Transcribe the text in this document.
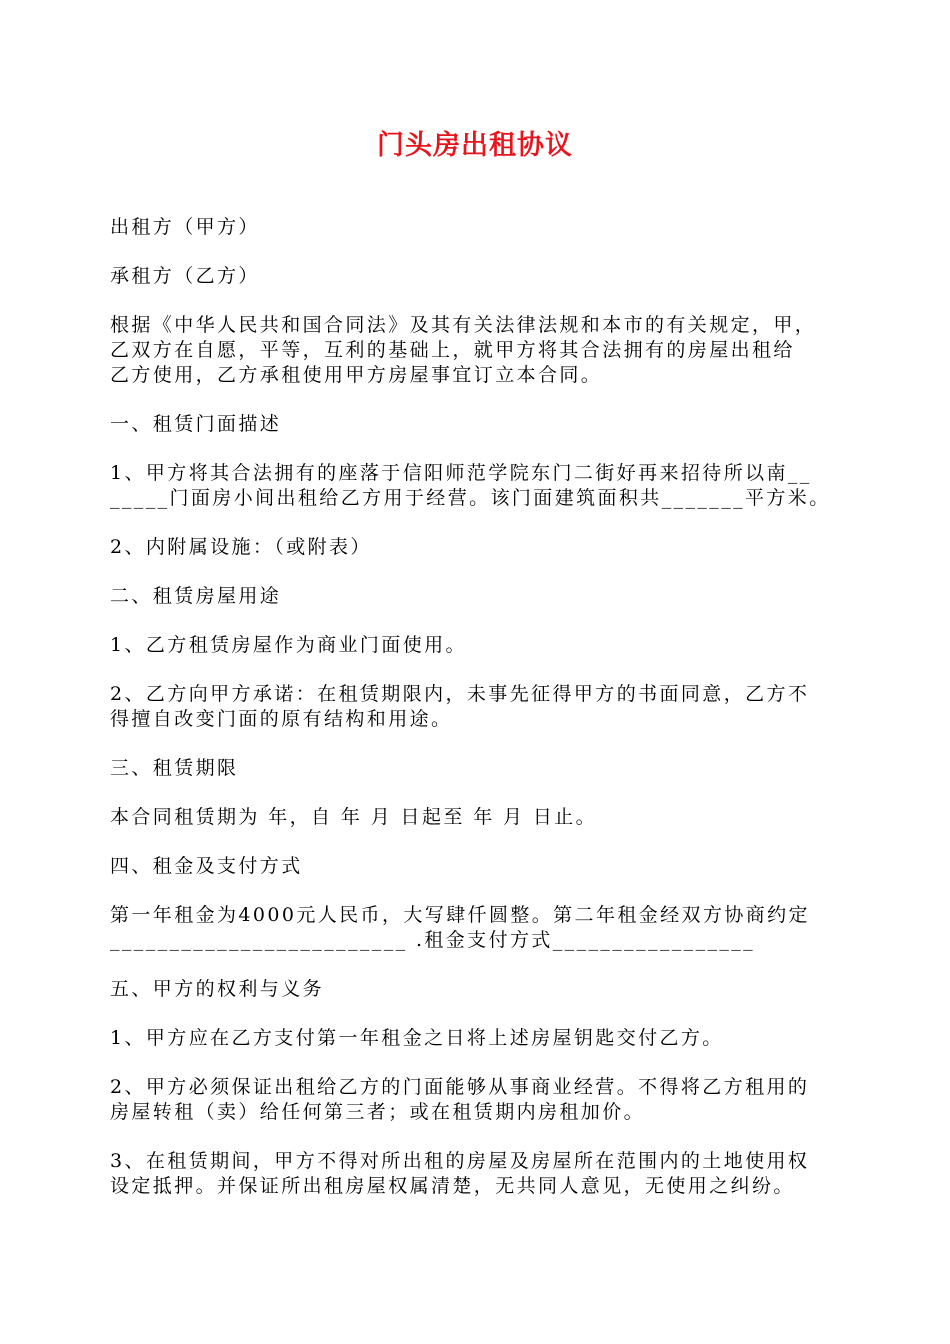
门头房出租协议
出租方（甲方）
承租方（乙方）
根据《中华人民共和国合同法》及其有关法律法规和本市的有关规定，甲，
乙双方在自愿，平等，互利的基础上，就甲方将其合法拥有的房屋出租给
乙方使用，乙方承租使用甲方房屋事宜订立本合同。
一、租赁门面描述
1、甲方将其合法拥有的座落于信阳师范学院东门二街好再来招待所以南__
_____门面房小间出租给乙方用于经营。该门面建筑面积共_______平方米。
2、内附属设施：（或附表）
二、租赁房屋用途
1、乙方租赁房屋作为商业门面使用。
2、乙方向甲方承诺：在租赁期限内，未事先征得甲方的书面同意，乙方不
得擅自改变门面的原有结构和用途。
三、租赁期限
本合同租赁期为 年，自 年 月 日起至 年 月 日止。
四、租金及支付方式
第一年租金为4000元人民币，大写肆仟圆整。第二年租金经双方协商约定
_________________________ .租金支付方式_________________
五、甲方的权利与义务
1、甲方应在乙方支付第一年租金之日将上述房屋钥匙交付乙方。
2、甲方必须保证出租给乙方的门面能够从事商业经营。不得将乙方租用的
房屋转租（卖）给任何第三者；或在租赁期内房租加价。
3、在租赁期间，甲方不得对所出租的房屋及房屋所在范围内的土地使用权
设定抵押。并保证所出租房屋权属清楚，无共同人意见，无使用之纠纷。
